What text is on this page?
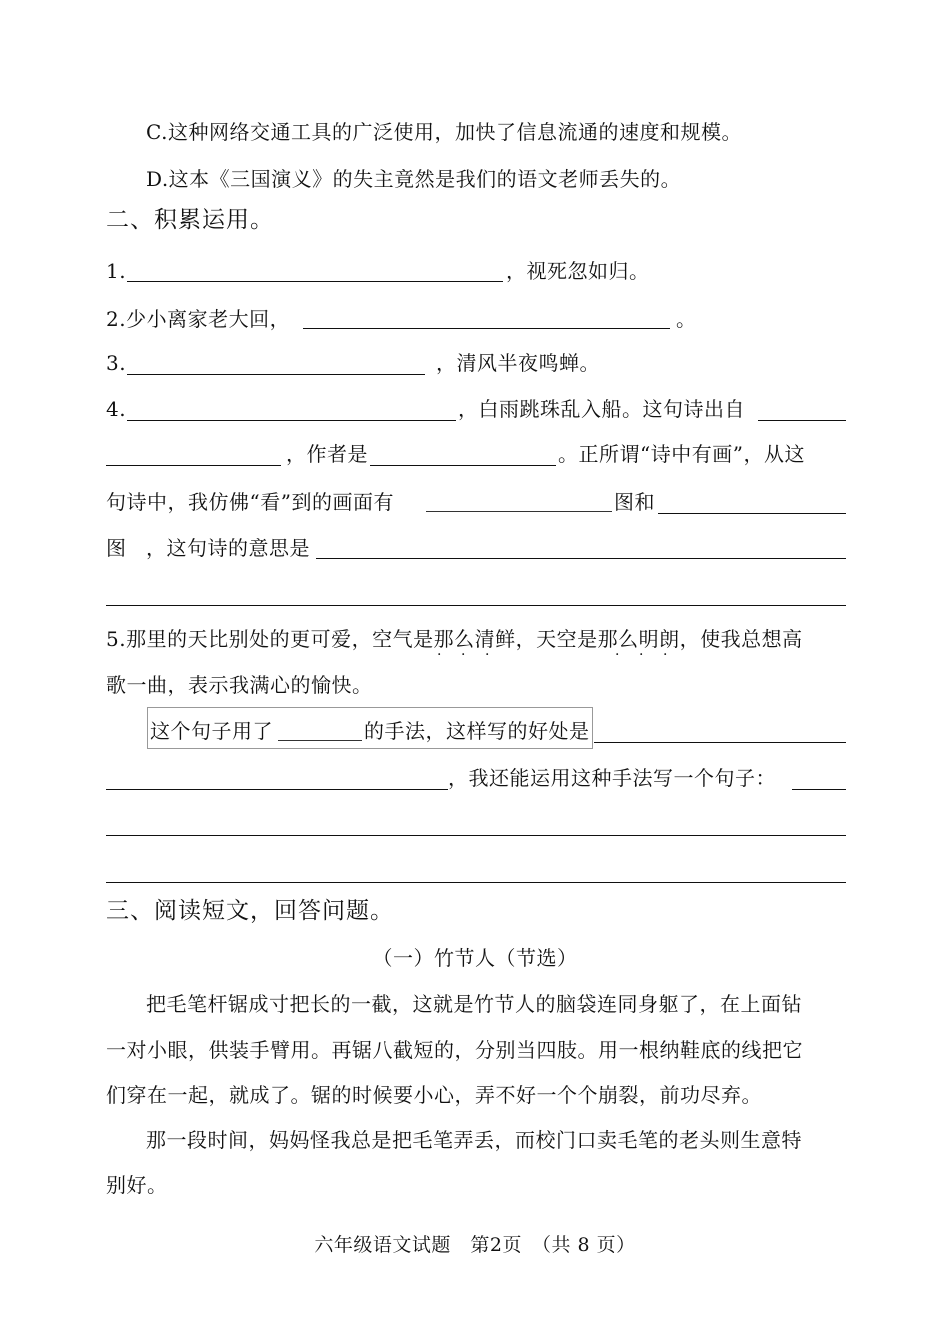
C.这种网络交通工具的广泛使用，加快了信息流通的速度和规模。
D.这本《三国演义》的失主竟然是我们的语文老师丢失的。
二、积累运用。
1.	，视死忽如归。
2.少小离家老大回，	。
3.	，清风半夜鸣蝉。
4.	，白雨跳珠乱入船。这句诗出自
，作者是	。正所谓“诗中有画”，从这
句诗中，我仿佛“看”到的画面有	图和
图 ，这句诗的意思是
5.那里的天比别处的更可爱，空气是那么清鲜，天空是那么明朗，使我总想高
· · ·	· · ·
歌一曲，表示我满心的愉快。
这个句子用了	的手法，这样写的好处是
，我还能运用这种手法写一个句子：
三、阅读短文，回答问题。
（一）竹节人（节选）
把毛笔杆锯成寸把长的一截，这就是竹节人的脑袋连同身躯了，在上面钻
一对小眼，供装手臂用。再锯八截短的，分别当四肢。用一根纳鞋底的线把它
们穿在一起，就成了。锯的时候要小心，弄不好一个个崩裂，前功尽弃。
那一段时间，妈妈怪我总是把毛笔弄丢，而校门口卖毛笔的老头则生意特
别好。
六年级语文试题　第2页　（共 8 页）
